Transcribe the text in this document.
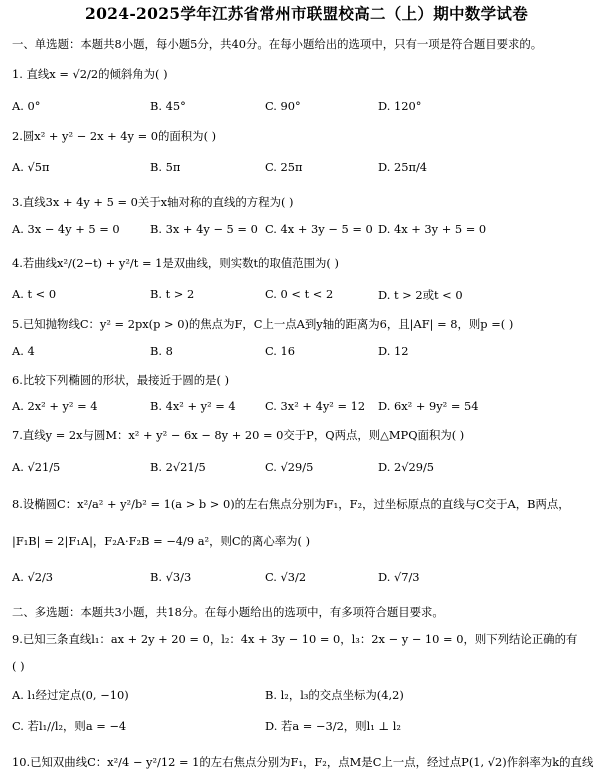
2024-2025学年江苏省常州市联盟校高二（上）期中数学试卷
一、单选题：本题共8小题，每小题5分，共40分。在每小题给出的选项中，只有一项是符合题目要求的。
1. 直线x = √2/2的倾斜角为( )
A. 0°	B. 45°	C. 90°	D. 120°
2.圆x² + y² − 2x + 4y = 0的面积为( )
A. √5π	B. 5π	C. 25π	D. 25π/4
3.直线3x + 4y + 5 = 0关于x轴对称的直线的方程为( )
A. 3x − 4y + 5 = 0	B. 3x + 4y − 5 = 0 C. 4x + 3y − 5 = 0 D. 4x + 3y + 5 = 0
4.若曲线x²/(2−t) + y²/t = 1是双曲线，则实数t的取值范围为( )
A. t < 0	B. t > 2	C. 0 < t < 2	D. t > 2或t < 0
5.已知抛物线C：y² = 2px(p > 0)的焦点为F，C上一点A到y轴的距离为6，且|AF| = 8，则p =( )
A. 4	B. 8	C. 16	D. 12
6.比较下列椭圆的形状，最接近于圆的是( )
A. 2x² + y² = 4	B. 4x² + y² = 4	C. 3x² + 4y² = 12 D. 6x² + 9y² = 54
7.直线y = 2x与圆M：x² + y² − 6x − 8y + 20 = 0交于P，Q两点，则△MPQ面积为( )
A. √21/5	B. 2√21/5	C. √29/5	D. 2√29/5
8.设椭圆C：x²/a² + y²/b² = 1(a > b > 0)的左右焦点分别为F₁，F₂，过坐标原点的直线与C交于A，B两点，
|F₁B| = 2|F₁A|，F₂A·F₂B = −4/9 a²，则C的离心率为( )
A. √2/3	B. √3/3	C. √3/2	D. √7/3
二、多选题：本题共3小题，共18分。在每小题给出的选项中，有多项符合题目要求。
9.已知三条直线l₁：ax + 2y + 20 = 0，l₂：4x + 3y − 10 = 0，l₃：2x − y − 10 = 0，则下列结论正确的有
( )
A. l₁经过定点(0, −10)	B. l₂，l₃的交点坐标为(4,2)
C. 若l₁//l₂，则a = −4	D. 若a = −3/2，则l₁ ⊥ l₂
10.已知双曲线C：x²/4 − y²/12 = 1的左右焦点分别为F₁，F₂，点M是C上一点，经过点P(1, √2)作斜率为k的直线
